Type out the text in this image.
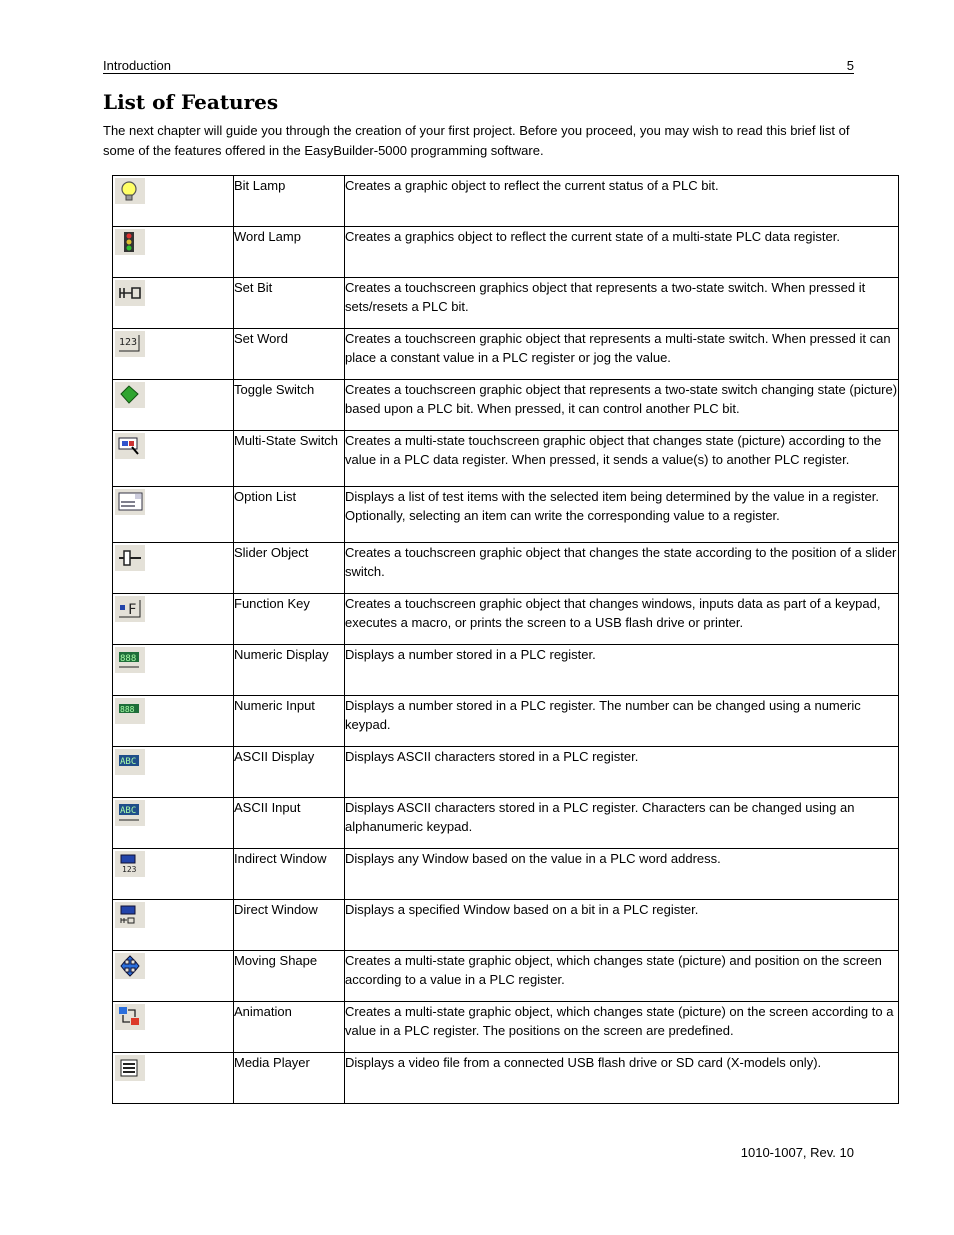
Introduction	5
List of Features

The next chapter will guide you through the creation of your first project. Before you proceed, you may wish to read this brief list of some of the features offered in the EasyBuilder-5000 programming software.

	Bit Lamp	Creates a graphic object to reflect the current status of a PLC bit.

	Word Lamp	Creates a graphics object to reflect the current state of a multi-state PLC data register.

	Set Bit	Creates a touchscreen graphics object that represents a two-state switch. When pressed it sets/resets a PLC bit.

123	Set Word	Creates a touchscreen graphic object that represents a multi-state switch. When pressed it can place a constant value in a PLC register or jog the value.

	Toggle Switch	Creates a touchscreen graphic object that represents a two-state switch changing state (picture) based upon a PLC bit. When pressed, it can control another PLC bit.

	Multi-State Switch	Creates a multi-state touchscreen graphic object that changes state (picture) according to the value in a PLC data register. When pressed, it sends a value(s) to another PLC register.

	Option List	Displays a list of test items with the selected item being determined by the value in a register. Optionally, selecting an item can write the corresponding value to a register.

	Slider Object	Creates a touchscreen graphic object that changes the state according to the position of a slider switch.

F	Function Key	Creates a touchscreen graphic object that changes windows, inputs data as part of a keypad, executes a macro, or prints the screen to a USB flash drive or printer.

888	Numeric Display	Displays a number stored in a PLC register.

888	Numeric Input	Displays a number stored in a PLC register. The number can be changed using a numeric keypad.

ABC	ASCII Display	Displays ASCII characters stored in a PLC register.

ABC	ASCII Input	Displays ASCII characters stored in a PLC register. Characters can be changed using an alphanumeric keypad.

123	Indirect Window	Displays any Window based on the value in a PLC word address.

	Direct Window	Displays a specified Window based on a bit in a PLC register.

	Moving Shape	Creates a multi-state graphic object, which changes state (picture) and position on the screen according to a value in a PLC register.

	Animation	Creates a multi-state graphic object, which changes state (picture) on the screen according to a value in a PLC register. The positions on the screen are predefined.

	Media Player	Displays a video file from a connected USB flash drive or SD card (X-models only).
1010-1007, Rev. 10
